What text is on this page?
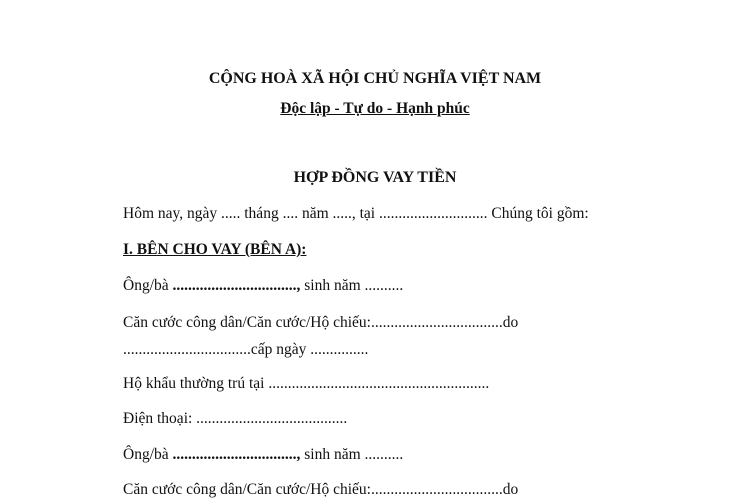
CỘNG HOÀ XÃ HỘI CHỦ NGHĨA VIỆT NAM

Độc lập - Tự do - Hạnh phúc

HỢP ĐỒNG VAY TIỀN

Hôm nay, ngày ..... tháng .... năm ....., tại ............................ Chúng tôi gồm:

I. BÊN CHO VAY (BÊN A):

Ông/bà ................................, sinh năm ..........

Căn cước công dân/Căn cước/Hộ chiếu:..................................do

.................................cấp ngày ...............

Hộ khẩu thường trú tại .........................................................

Điện thoại: .......................................

Ông/bà ................................, sinh năm ..........

Căn cước công dân/Căn cước/Hộ chiếu:..................................do
